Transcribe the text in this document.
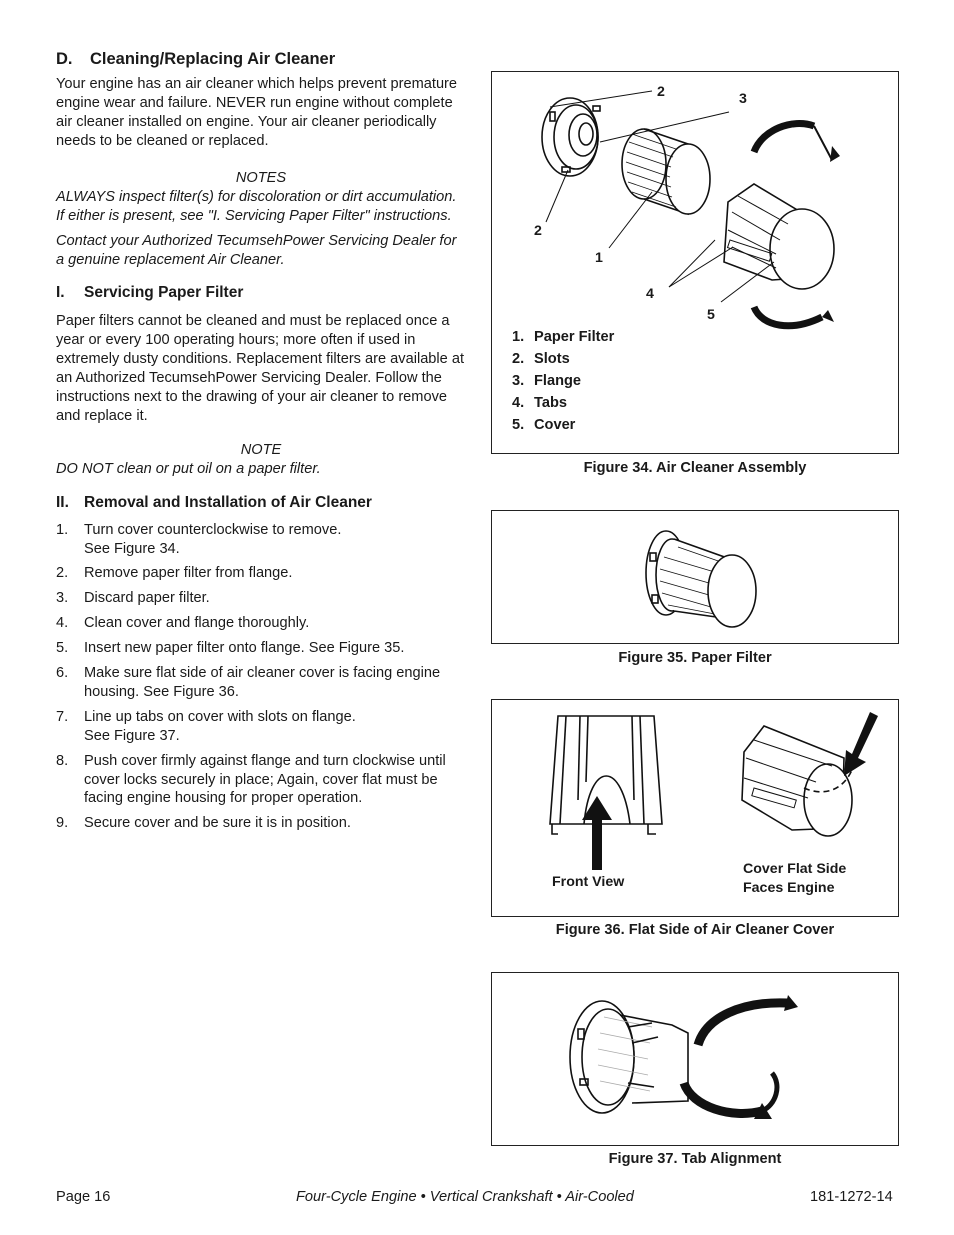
D. Cleaning/Replacing Air Cleaner

Your engine has an air cleaner which helps prevent premature engine wear and failure. NEVER run engine without complete air cleaner installed on engine. Your air cleaner periodically needs to be cleaned or replaced.

NOTES

ALWAYS inspect filter(s) for discoloration or dirt accumulation. If either is present, see "I. Servicing Paper Filter" instructions.

Contact your Authorized TecumsehPower Servicing Dealer for a genuine replacement Air Cleaner.

I. Servicing Paper Filter

Paper filters cannot be cleaned and must be replaced once a year or every 100 operating hours; more often if used in extremely dusty conditions. Replacement filters are available at an Authorized TecumsehPower Servicing Dealer. Follow the instructions next to the drawing of your air cleaner to remove and replace it.

NOTE

DO NOT clean or put oil on a paper filter.

II. Removal and Installation of Air Cleaner
1. Turn cover counterclockwise to remove.
See Figure 34.
2. Remove paper filter from flange.
3. Discard paper filter.
4. Clean cover and flange thoroughly.
5. Insert new paper filter onto flange. See Figure 35.
6. Make sure flat side of air cleaner cover is facing engine housing. See Figure 36.
7. Line up tabs on cover with slots on flange.
See Figure 37.
8. Push cover firmly against flange and turn clockwise until cover locks securely in place; Again, cover flat must be facing engine housing for proper operation.
9. Secure cover and be sure it is in position.
2	3
2
1
4
5
1. Paper Filter
2. Slots
3. Flange
4. Tabs
5. Cover
Figure 34. Air Cleaner Assembly
Figure 35. Paper Filter
Front View
Cover Flat Side
Faces Engine
Figure 36. Flat Side of Air Cleaner Cover
Figure 37. Tab Alignment
Page 16	Four-Cycle Engine • Vertical Crankshaft • Air-Cooled	181-1272-14
